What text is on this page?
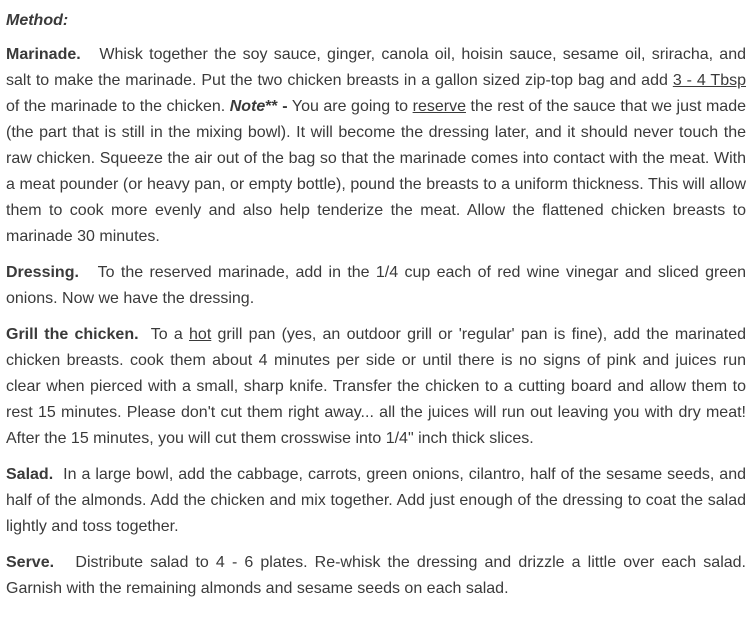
Method:

Marinade. Whisk together the soy sauce, ginger, canola oil, hoisin sauce, sesame oil, sriracha, and salt to make the marinade. Put the two chicken breasts in a gallon sized zip-top bag and add 3 - 4 Tbsp of the marinade to the chicken. Note** - You are going to reserve the rest of the sauce that we just made (the part that is still in the mixing bowl). It will become the dressing later, and it should never touch the raw chicken. Squeeze the air out of the bag so that the marinade comes into contact with the meat. With a meat pounder (or heavy pan, or empty bottle), pound the breasts to a uniform thickness. This will allow them to cook more evenly and also help tenderize the meat. Allow the flattened chicken breasts to marinade 30 minutes.

Dressing. To the reserved marinade, add in the 1/4 cup each of red wine vinegar and sliced green onions. Now we have the dressing.

Grill the chicken. To a hot grill pan (yes, an outdoor grill or 'regular' pan is fine), add the marinated chicken breasts. cook them about 4 minutes per side or until there is no signs of pink and juices run clear when pierced with a small, sharp knife. Transfer the chicken to a cutting board and allow them to rest 15 minutes. Please don't cut them right away... all the juices will run out leaving you with dry meat! After the 15 minutes, you will cut them crosswise into 1/4" inch thick slices.

Salad. In a large bowl, add the cabbage, carrots, green onions, cilantro, half of the sesame seeds, and half of the almonds. Add the chicken and mix together. Add just enough of the dressing to coat the salad lightly and toss together.

Serve. Distribute salad to 4 - 6 plates. Re-whisk the dressing and drizzle a little over each salad. Garnish with the remaining almonds and sesame seeds on each salad.
